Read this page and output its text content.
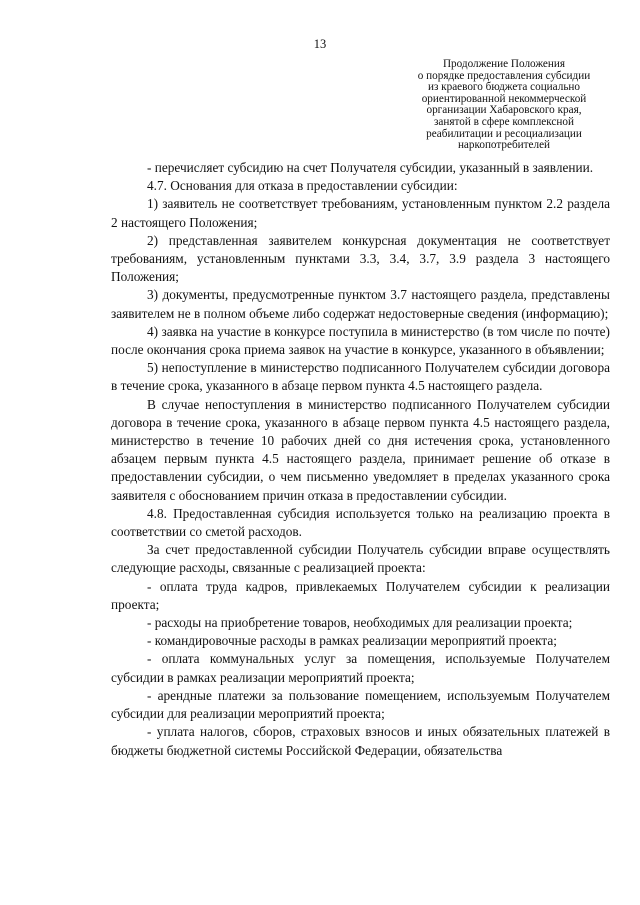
13
Продолжение Положения
о порядке предоставления субсидии
из краевого бюджета социально
ориентированной некоммерческой
организации Хабаровского края,
занятой в сфере комплексной
реабилитации и ресоциализации
наркопотребителей

- перечисляет субсидию на счет Получателя субсидии, указанный в заявлении.

4.7. Основания для отказа в предоставлении субсидии:

1) заявитель не соответствует требованиям, установленным пунктом 2.2 раздела 2 настоящего Положения;

2) представленная заявителем конкурсная документация не соответствует требованиям, установленным пунктами 3.3, 3.4, 3.7, 3.9 раздела 3 настоящего Положения;

3) документы, предусмотренные пунктом 3.7 настоящего раздела, представлены заявителем не в полном объеме либо содержат недостоверные сведения (информацию);

4) заявка на участие в конкурсе поступила в министерство (в том числе по почте) после окончания срока приема заявок на участие в конкурсе, указанного в объявлении;

5) непоступление в министерство подписанного Получателем субсидии договора в течение срока, указанного в абзаце первом пункта 4.5 настоящего раздела.

В случае непоступления в министерство подписанного Получателем субсидии договора в течение срока, указанного в абзаце первом пункта 4.5 настоящего раздела, министерство в течение 10 рабочих дней со дня истечения срока, установленного абзацем первым пункта 4.5 настоящего раздела, принимает решение об отказе в предоставлении субсидии, о чем письменно уведомляет в пределах указанного срока заявителя с обоснованием причин отказа в предоставлении субсидии.

4.8. Предоставленная субсидия используется только на реализацию проекта в соответствии со сметой расходов.

За счет предоставленной субсидии Получатель субсидии вправе осуществлять следующие расходы, связанные с реализацией проекта:

- оплата труда кадров, привлекаемых Получателем субсидии к реализации проекта;

- расходы на приобретение товаров, необходимых для реализации проекта;

- командировочные расходы в рамках реализации мероприятий проекта;

- оплата коммунальных услуг за помещения, используемые Получателем субсидии в рамках реализации мероприятий проекта;

- арендные платежи за пользование помещением, используемым Получателем субсидии для реализации мероприятий проекта;

- уплата налогов, сборов, страховых взносов и иных обязательных платежей в бюджеты бюджетной системы Российской Федерации, обязательства
